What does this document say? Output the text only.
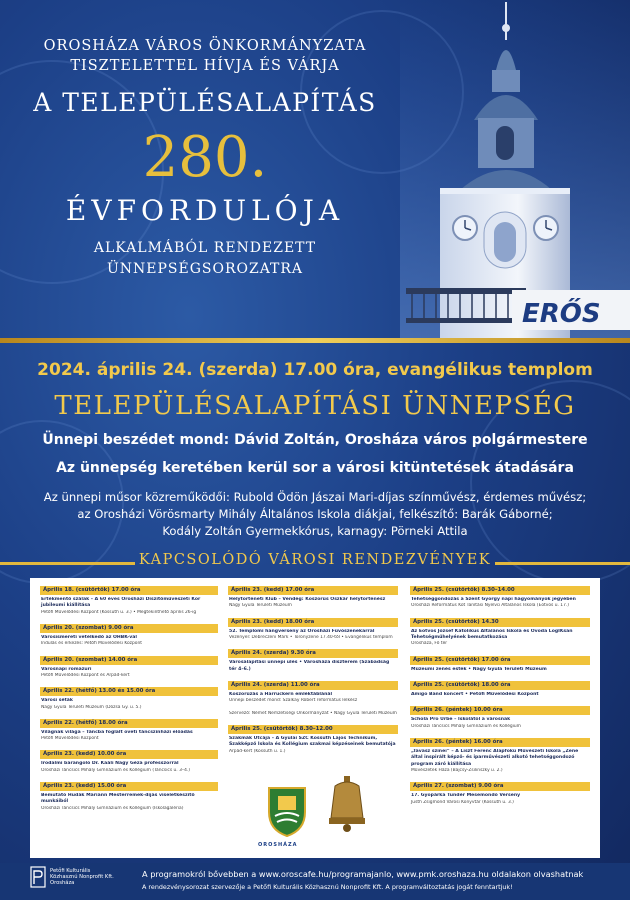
ERŐS
OROSHÁZA VÁROS ÖNKORMÁNYZATA
TISZTELETTEL HÍVJA ÉS VÁRJA
A TELEPÜLÉSALAPÍTÁS
280.
ÉVFORDULÓJA
ALKALMÁBÓL RENDEZETT
ÜNNEPSÉGSOROZATRA
2024. április 24. (szerda) 17.00 óra, evangélikus templom
TELEPÜLÉSALAPÍTÁSI ÜNNEPSÉG
Ünnepi beszédet mond: Dávid Zoltán, Orosháza város polgármestere
Az ünnepség keretében kerül sor a városi kitüntetések átadására
Az ünnepi műsor közreműködői: Rubold Ödön Jászai Mari-díjas színművész, érdemes művész;
az Orosházi Vörösmarty Mihály Általános Iskola diákjai, felkészítő: Barák Gáborné;
Kodály Zoltán Gyermekkórus, karnagy: Pörneki Attila
KAPCSOLÓDÓ VÁROSI RENDEZVÉNYEK
Április 18. (csütörtök) 17.00 óra
Értékmentő szálak – A 60 éves Orosházi Díszítőművészeti Kör jubileumi kiállítása
Petőfi Művelődési Központ (Kossuth u. 3.) • Megtekinthető április 26-ig
Április 20. (szombat) 9.00 óra
Városismereti vetélkedő az OHBK-val
Indulás és érkezés: Petőfi Művelődési Központ
Április 20. (szombat) 14.00 óra
Városnapi romazuri
Petőfi Művelődési Központ és Árpád-kert
Április 22. (hétfő) 13.00 és 15.00 óra
Városi séták
Nagy Gyula Területi Múzeum (Dózsa Gy. u. 5.)
Április 22. (hétfő) 18.00 óra
Világnak világa – Táncba foglalt öveti táncszínházi előadás
Petőfi Művelődési Központ
Április 23. (kedd) 10.00 óra
Irodalmi barangoló Dr. Kaáli Nagy Géza professzorral
Orosházi Táncsics Mihály Gimnázium és Kollégium (Táncsics u. 3–4.)
Április 23. (kedd) 15.00 óra
Bemutató Hudák Mariann Mesterremek-díjas viseletkészítő munkáiból
Orosházi Táncsics Mihály Gimnázium és Kollégium (Iskolagaléria)
Április 23. (kedd) 17.00 óra
Helytörténeti Klub – Vendég: Koszorús Oszkár helytörténész
Nagy Gyula Területi Múzeum
Április 23. (kedd) 18.00 óra
52. Templomi hangverseny az Orosházi Fúvószenekarral
Vezényel: Debreczeni Márk • Toronyzene 17.40-től • Evangélikus templom
Április 24. (szerda) 9.30 óra
Városalapítási ünnepi ülés • Városháza díszterem (Szabadság tér 4–6.)
Április 24. (szerda) 11.00 óra
Koszorúzás a Harruckern emléktáblánál
Ünnepi beszédet mond: Szalkay Róbert református lelkész
Szervező: Német Nemzetiségi Önkormányzat • Nagy Gyula Területi Múzeum
Április 25. (csütörtök) 8.30–12.00
Szakmák Utcája – A Gyulai SZC Kossuth Lajos Technikum, Szakképző Iskola és Kollégium szakmai képzéseinek bemutatója
Árpád-kert (Kossuth u. 1.)
Április 25. (csütörtök) 8.30–14.00
Tehetséggondozás a Szent György napi hagyományok jegyében
Orosházi Református Kot Tanítási Nyelvű Általános Iskola (Eötvös u. 17.)
Április 25. (csütörtök) 14.30
Az Eötvös József Katolikus Általános Iskola és Óvoda LogIKsan Tehetségműhelyének bemutatkozása
Orosháza, Fő tér
Április 25. (csütörtök) 17.00 óra
Múzeumi zenés esték • Nagy Gyula Területi Múzeum
Április 25. (csütörtök) 18.00 óra
Amigo Band koncert • Petőfi Művelődési Központ
Április 26. (péntek) 10.00 óra
Schola Pro Urbe – Iskolától a városnak
Orosházi Táncsics Mihály Gimnázium és Kollégium
Április 26. (péntek) 16.00 óra
„Tavasz színei” – A Liszt Ferenc Alapfokú Művészeti Iskola „Zene által inspirált képző- és iparművészeti alkotó tehetséggondozó program záró kiállítása
Művészetek Háza (Bajcsy-Zsilinszky u. 2.)
Április 27. (szombat) 9.00 óra
17. Gyopárka Tündér Mesemondó Verseny
Justh Zsigmond Városi Könyvtár (Kossuth u. 3.)
OROSHÁZA
Petőfi Kulturális
Közhasznú Nonprofit Kft.
Orosháza
A programokról bővebben a www.oroscafe.hu/programajanlo, www.pmk.oroshaza.hu oldalakon olvashatnak
A rendezvénysorozat szervezője a Petőfi Kulturális Közhasznú Nonprofit Kft. A programváltoztatás jogát fenntartjuk!
